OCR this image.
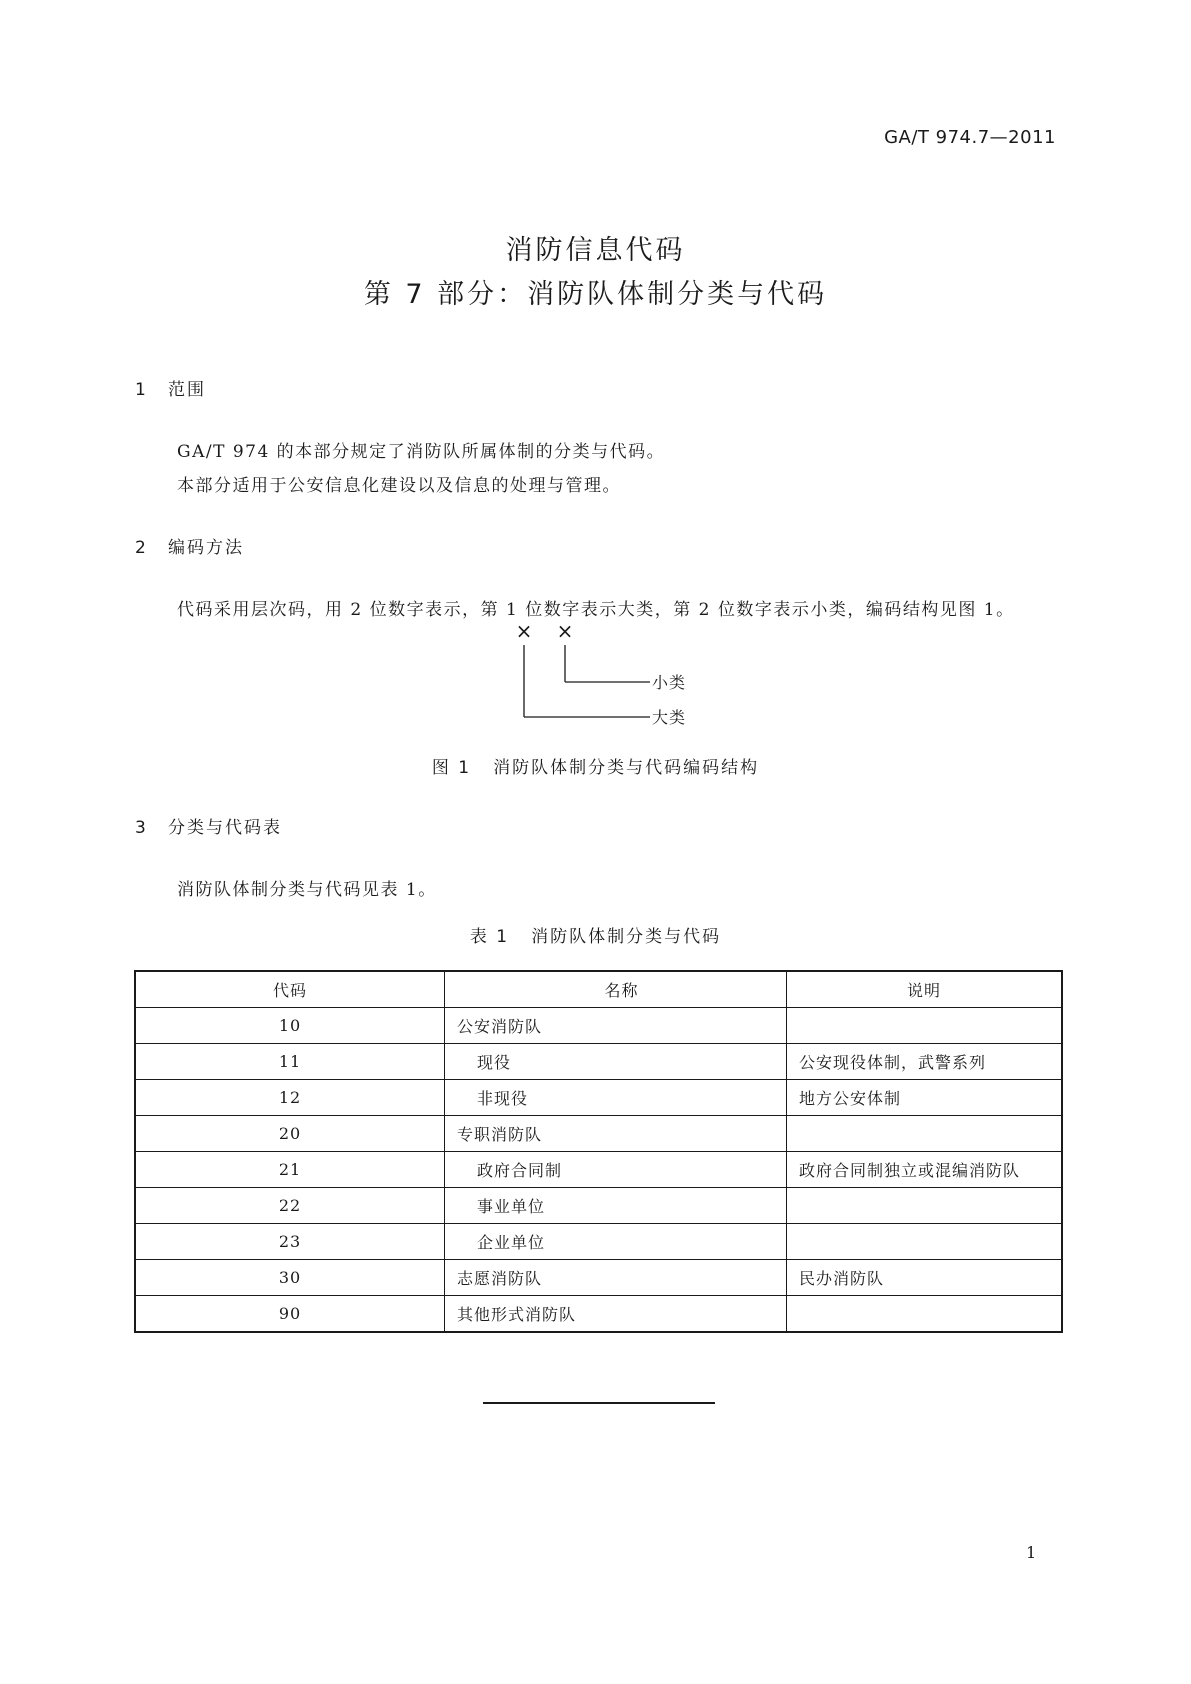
GA/T 974.7—2011
消防信息代码
第 7 部分：消防队体制分类与代码
1 范围
GA/T 974 的本部分规定了消防队所属体制的分类与代码。
本部分适用于公安信息化建设以及信息的处理与管理。
2 编码方法
代码采用层次码，用 2 位数字表示，第 1 位数字表示大类，第 2 位数字表示小类，编码结构见图 1。
× ×
小类
大类
图 1 消防队体制分类与代码编码结构
3 分类与代码表
消防队体制分类与代码见表 1。
表 1 消防队体制分类与代码
代码	名称	说明
10	公安消防队	
11	现役	公安现役体制，武警系列
12	非现役	地方公安体制
20	专职消防队	
21	政府合同制	政府合同制独立或混编消防队
22	事业单位	
23	企业单位	
30	志愿消防队	民办消防队
90	其他形式消防队	
1
